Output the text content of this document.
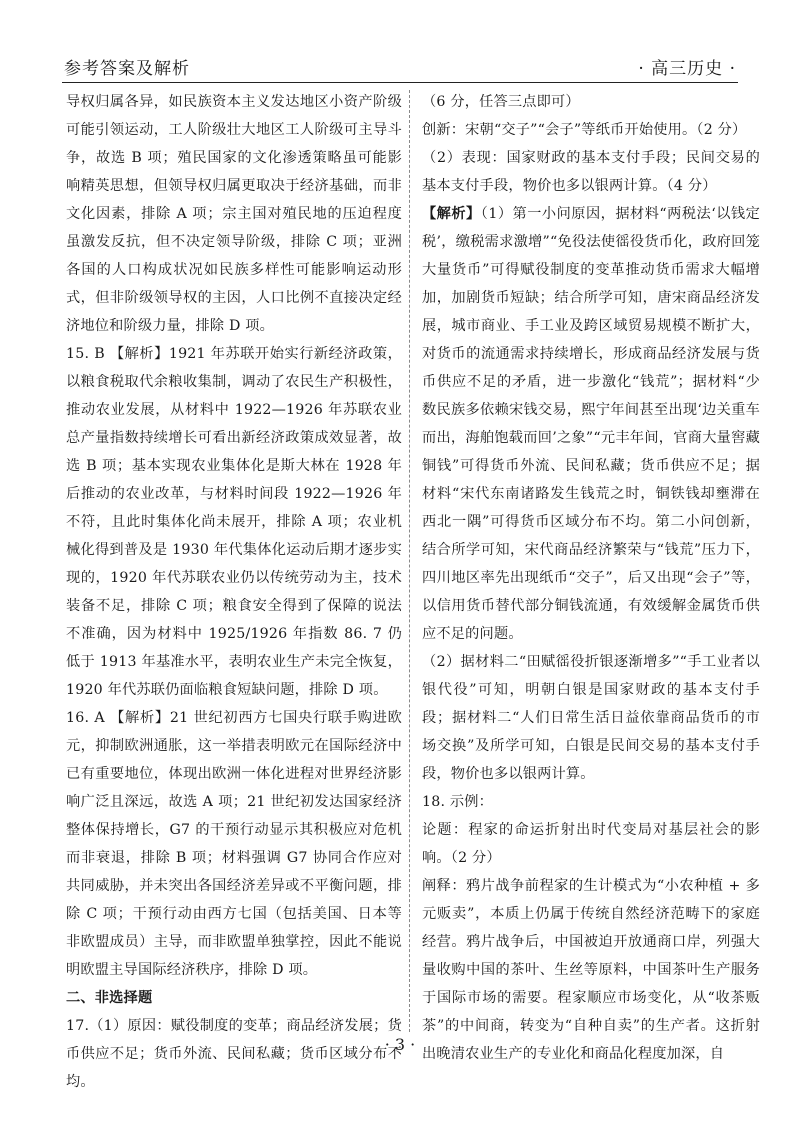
参考答案及解析	· 高三历史 ·

导权归属各异，如民族资本主义发达地区小资产阶级可能引领运动，工人阶级壮大地区工人阶级可主导斗争，故选 B 项；殖民国家的文化渗透策略虽可能影响精英思想，但领导权归属更取决于经济基础，而非文化因素，排除 A 项；宗主国对殖民地的压迫程度虽激发反抗，但不决定领导阶级，排除 C 项；亚洲各国的人口构成状况如民族多样性可能影响运动形式，但非阶级领导权的主因，人口比例不直接决定经济地位和阶级力量，排除 D 项。

15. B 【解析】1921 年苏联开始实行新经济政策，以粮食税取代余粮收集制，调动了农民生产积极性，推动农业发展，从材料中 1922—1926 年苏联农业总产量指数持续增长可看出新经济政策成效显著，故选 B 项；基本实现农业集体化是斯大林在 1928 年后推动的农业改革，与材料时间段 1922—1926 年不符，且此时集体化尚未展开，排除 A 项；农业机械化得到普及是 1930 年代集体化运动后期才逐步实现的，1920 年代苏联农业仍以传统劳动为主，技术装备不足，排除 C 项；粮食安全得到了保障的说法不准确，因为材料中 1925/1926 年指数 86. 7 仍低于 1913 年基准水平，表明农业生产未完全恢复，1920 年代苏联仍面临粮食短缺问题，排除 D 项。

16. A 【解析】21 世纪初西方七国央行联手购进欧元，抑制欧洲通胀，这一举措表明欧元在国际经济中已有重要地位，体现出欧洲一体化进程对世界经济影响广泛且深远，故选 A 项；21 世纪初发达国家经济整体保持增长，G7 的干预行动显示其积极应对危机而非衰退，排除 B 项；材料强调 G7 协同合作应对共同威胁，并未突出各国经济差异或不平衡问题，排除 C 项；干预行动由西方七国（包括美国、日本等非欧盟成员）主导，而非欧盟单独掌控，因此不能说明欧盟主导国际经济秩序，排除 D 项。

二、非选择题

17.（1）原因：赋役制度的变革；商品经济发展；货币供应不足；货币外流、民间私藏；货币区域分布不均。

（6 分，任答三点即可）

创新：宋朝“交子”“会子”等纸币开始使用。（2 分）

（2）表现：国家财政的基本支付手段；民间交易的基本支付手段，物价也多以银两计算。（4 分）

【解析】（1）第一小问原因，据材料“两税法‘以钱定税’，缴税需求激增”“免役法使徭役货币化，政府回笼大量货币”可得赋役制度的变革推动货币需求大幅增加，加剧货币短缺；结合所学可知，唐宋商品经济发展，城市商业、手工业及跨区域贸易规模不断扩大，对货币的流通需求持续增长，形成商品经济发展与货币供应不足的矛盾，进一步激化“钱荒”；据材料“少数民族多依赖宋钱交易，熙宁年间甚至出现‘边关重车而出，海舶饱载而回’之象”“元丰年间，官商大量窖藏铜钱”可得货币外流、民间私藏；货币供应不足；据材料“宋代东南诸路发生钱荒之时，铜铁钱却壅滞在西北一隅”可得货币区域分布不均。第二小问创新，结合所学可知，宋代商品经济繁荣与“钱荒”压力下，四川地区率先出现纸币“交子”，后又出现“会子”等，以信用货币替代部分铜钱流通，有效缓解金属货币供应不足的问题。

（2）据材料二“田赋徭役折银逐渐增多”“手工业者以银代役”可知，明朝白银是国家财政的基本支付手段；据材料二“人们日常生活日益依靠商品货币的市场交换”及所学可知，白银是民间交易的基本支付手段，物价也多以银两计算。

18. 示例：

论题：程家的命运折射出时代变局对基层社会的影响。（2 分）

阐释：鸦片战争前程家的生计模式为“小农种植 + 多元贩卖”，本质上仍属于传统自然经济范畴下的家庭经营。鸦片战争后，中国被迫开放通商口岸，列强大量收购中国的茶叶、生丝等原料，中国茶叶生产服务于国际市场的需要。程家顺应市场变化，从“收茶贩茶”的中间商，转变为“自种自卖”的生产者。这折射出晚清农业生产的专业化和商品化程度加深，自

· 3 ·
